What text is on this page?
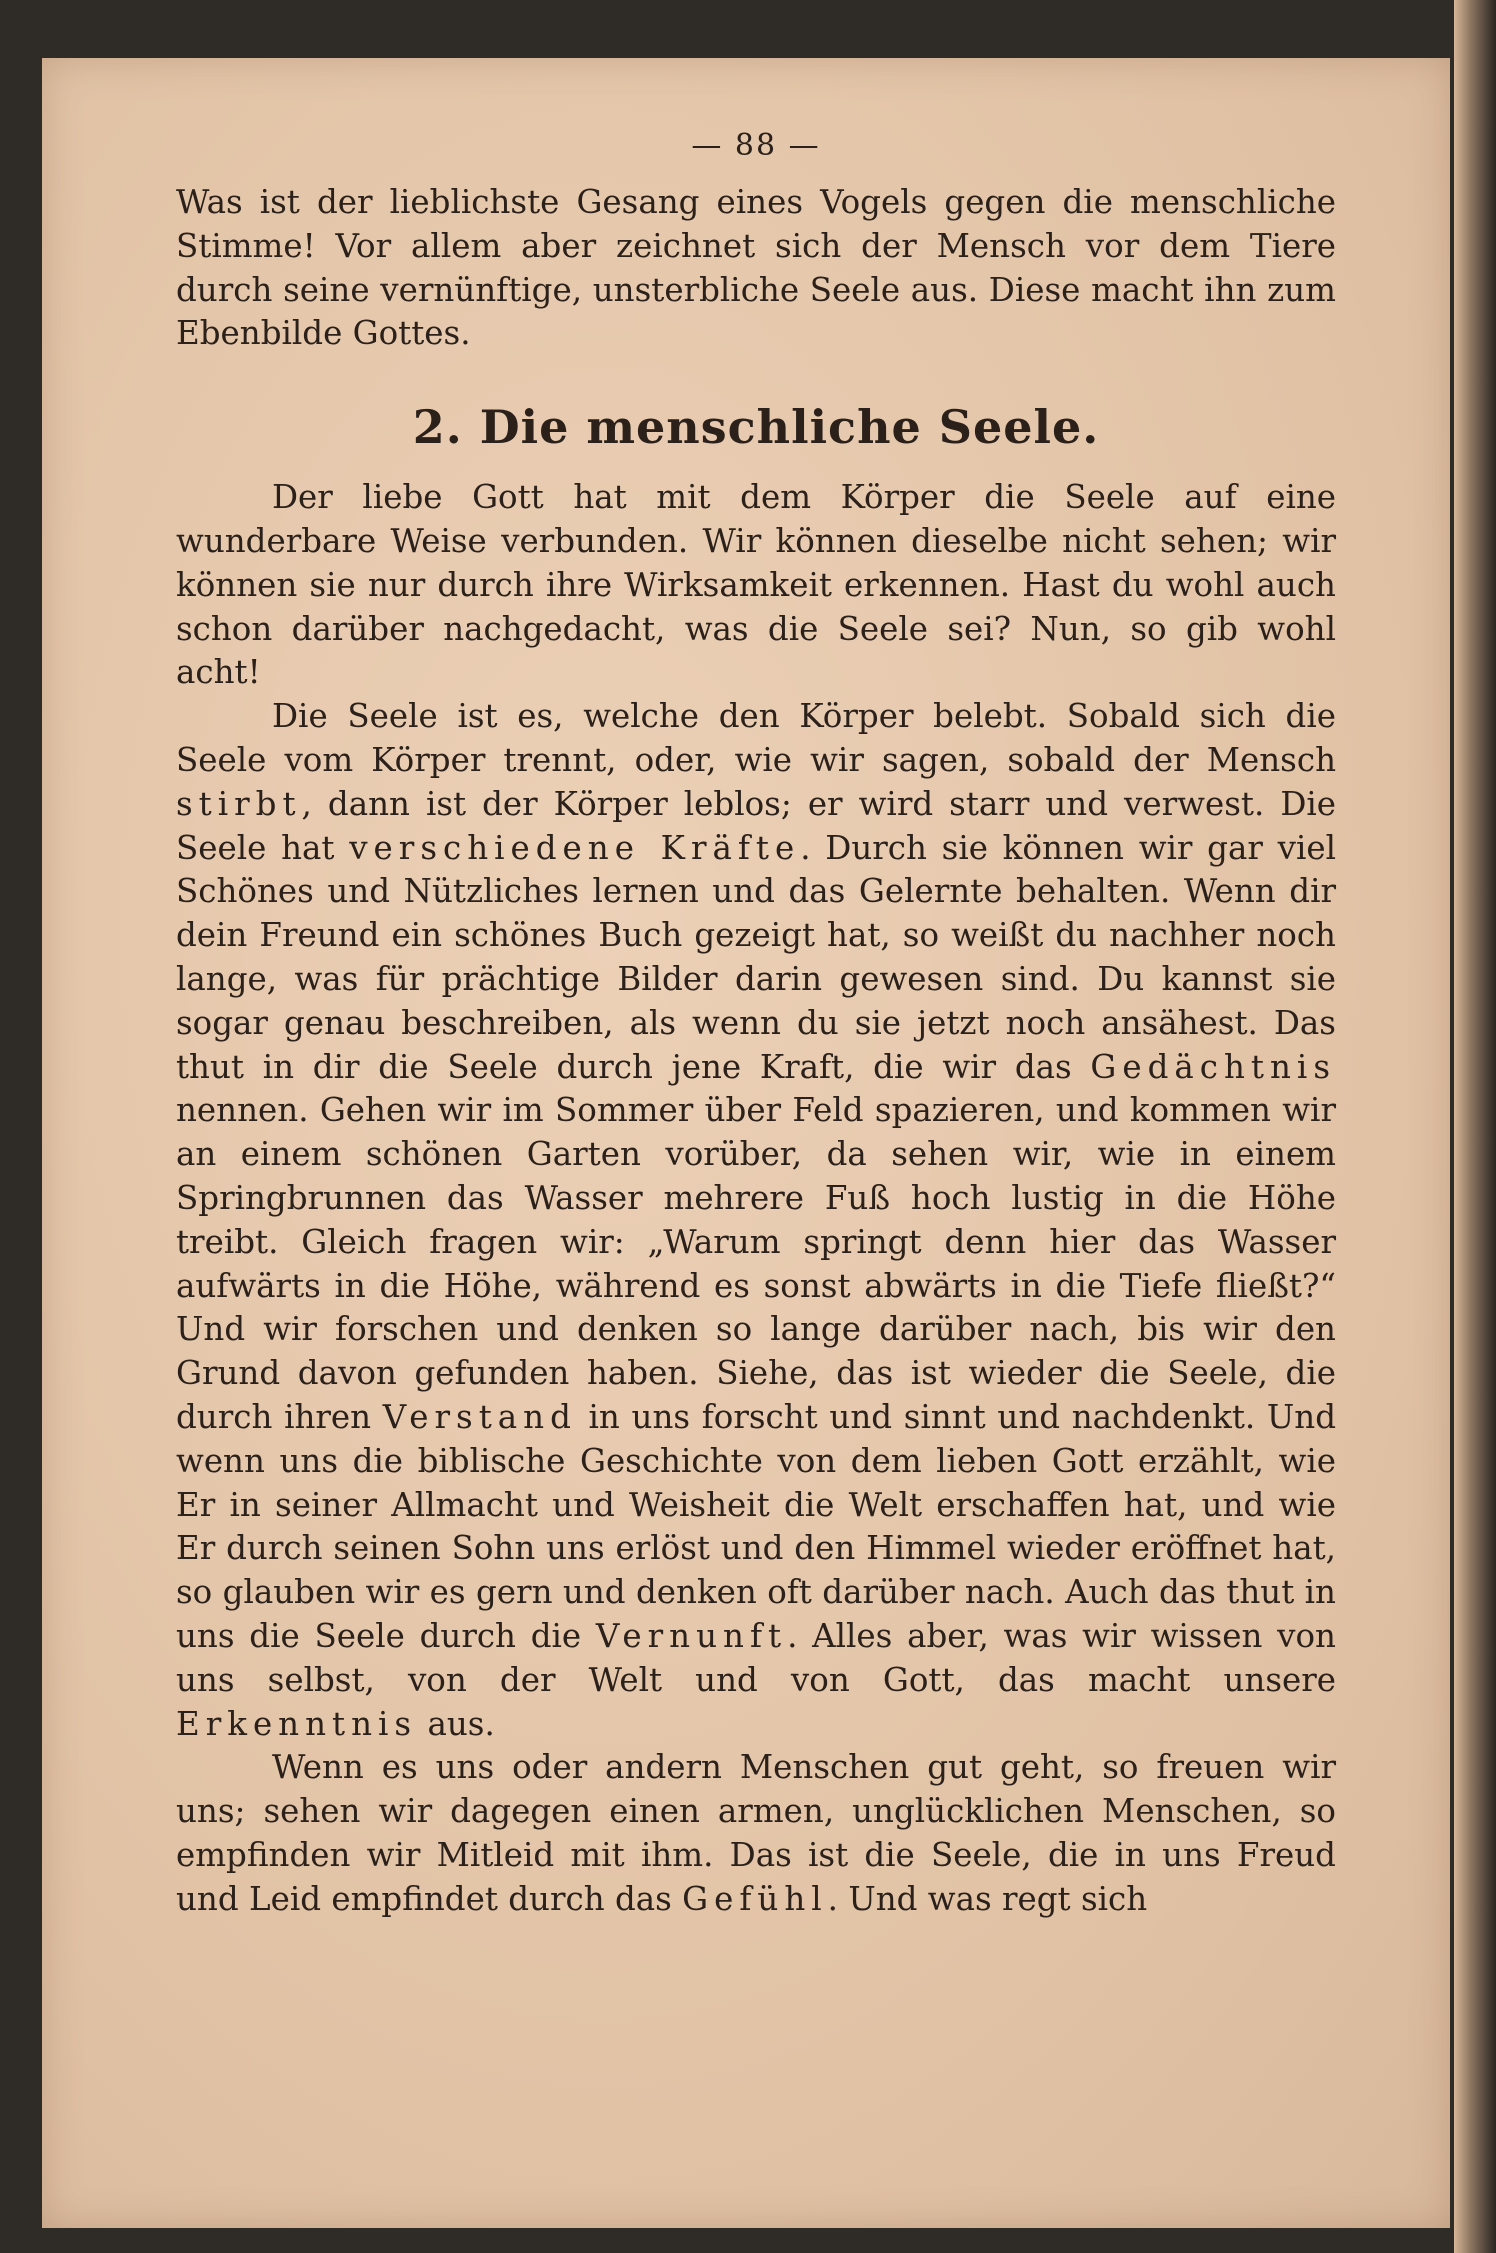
— 88 —

Was ist der lieblichste Gesang eines Vogels gegen die menschliche Stimme! Vor allem aber zeichnet sich der Mensch vor dem Tiere durch seine vernünftige, unsterbliche Seele aus. Diese macht ihn zum Ebenbilde Gottes.

2. Die menschliche Seele.

Der liebe Gott hat mit dem Körper die Seele auf eine wunderbare Weise verbunden. Wir können dieselbe nicht sehen; wir können sie nur durch ihre Wirksamkeit erkennen. Hast du wohl auch schon darüber nachgedacht, was die Seele sei? Nun, so gib wohl acht!

Die Seele ist es, welche den Körper belebt. Sobald sich die Seele vom Körper trennt, oder, wie wir sagen, sobald der Mensch stirbt, dann ist der Körper leblos; er wird starr und verwest. Die Seele hat verschiedene Kräfte. Durch sie können wir gar viel Schönes und Nützliches lernen und das Gelernte behalten. Wenn dir dein Freund ein schönes Buch gezeigt hat, so weißt du nachher noch lange, was für prächtige Bilder darin gewesen sind. Du kannst sie sogar genau beschreiben, als wenn du sie jetzt noch ansähest. Das thut in dir die Seele durch jene Kraft, die wir das Gedächtnis nennen. Gehen wir im Sommer über Feld spazieren, und kommen wir an einem schönen Garten vorüber, da sehen wir, wie in einem Springbrunnen das Wasser mehrere Fuß hoch lustig in die Höhe treibt. Gleich fragen wir: „Warum springt denn hier das Wasser aufwärts in die Höhe, während es sonst abwärts in die Tiefe fließt?“ Und wir forschen und denken so lange darüber nach, bis wir den Grund davon gefunden haben. Siehe, das ist wieder die Seele, die durch ihren Verstand in uns forscht und sinnt und nachdenkt. Und wenn uns die biblische Geschichte von dem lieben Gott erzählt, wie Er in seiner Allmacht und Weisheit die Welt erschaffen hat, und wie Er durch seinen Sohn uns erlöst und den Himmel wieder eröffnet hat, so glauben wir es gern und denken oft darüber nach. Auch das thut in uns die Seele durch die Vernunft. Alles aber, was wir wissen von uns selbst, von der Welt und von Gott, das macht unsere Erkenntnis aus.

Wenn es uns oder andern Menschen gut geht, so freuen wir uns; sehen wir dagegen einen armen, unglücklichen Menschen, so empfinden wir Mitleid mit ihm. Das ist die Seele, die in uns Freud und Leid empfindet durch das Gefühl. Und was regt sich
